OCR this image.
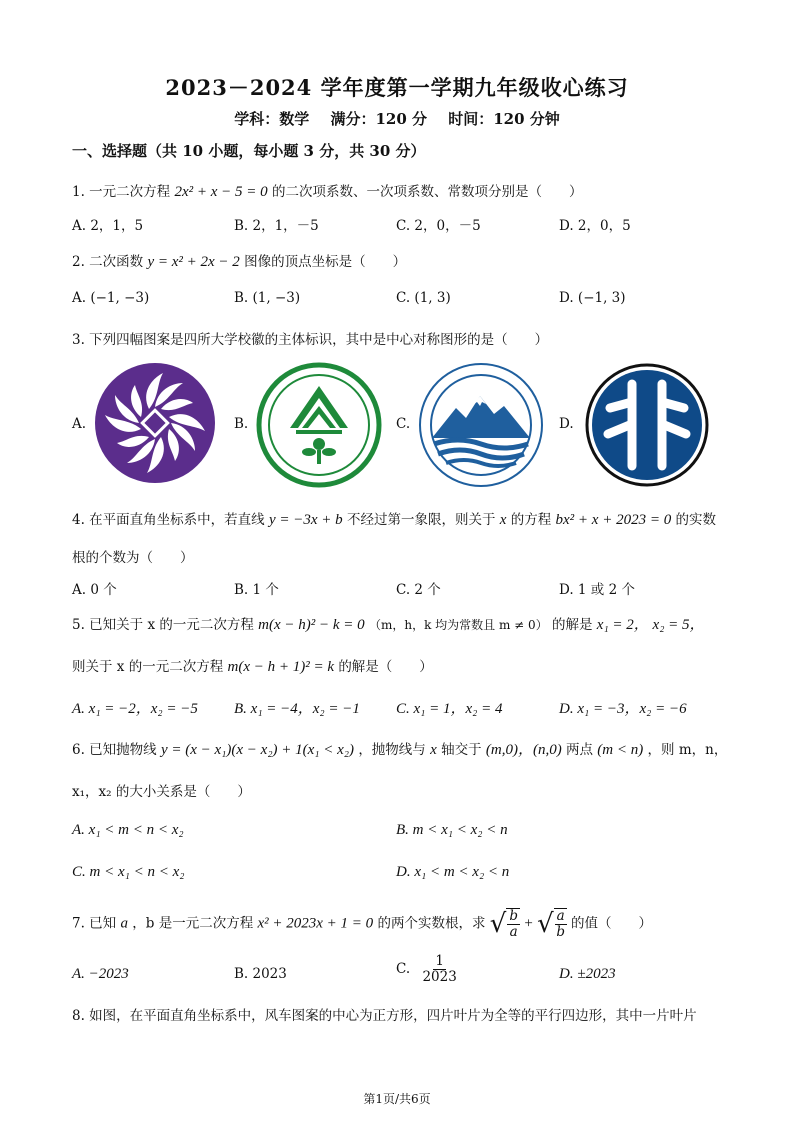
2023－2024 学年度第一学期九年级收心练习
学科：数学 满分：120 分 时间：120 分钟
一、选择题（共 10 小题，每小题 3 分，共 30 分）
1. 一元二次方程 2x² + x − 5 = 0 的二次项系数、一次项系数、常数项分别是（　　）
A. 2，1，5	B. 2，1，－5	C. 2，0，－5	D. 2，0，5
2. 二次函数 y = x² + 2x − 2 图像的顶点坐标是（　　）
A. (−1, −3)	B. (1, −3)	C. (1, 3)	D. (−1, 3)
3. 下列四幅图案是四所大学校徽的主体标识，其中是中心对称图形的是（　　）
A.	B.	C.	D.
4. 在平面直角坐标系中，若直线 y = −3x + b 不经过第一象限，则关于 x 的方程 bx² + x + 2023 = 0 的实数
根的个数为（　　）
A. 0 个	B. 1 个	C. 2 个	D. 1 或 2 个
5. 已知关于 x 的一元二次方程 m(x − h)² − k = 0 （m，h，k 均为常数且 m ≠ 0） 的解是 x₁ = 2， x₂ = 5，
则关于 x 的一元二次方程 m(x − h + 1)² = k 的解是（　　）
A. x₁ = −2，x₂ = −5 B. x₁ = −4，x₂ = −1 C. x₁ = 1，x₂ = 4	D. x₁ = −3，x₂ = −6
6. 已知抛物线 y = (x − x₁)(x − x₂) + 1(x₁ < x₂) ，抛物线与 x 轴交于 (m,0)，(n,0) 两点 (m < n) ，则 m，n，
x₁，x₂ 的大小关系是（　　）
A. x₁ < m < n < x₂	B. m < x₁ < x₂ < n
C. m < x₁ < n < x₂	D. x₁ < m < x₂ < n
7. 已知 a ，b 是一元二次方程 x² + 2023x + 1 = 0 的两个实数根，求 √ $\frac{b}{a}$ + √ $\frac{a}{b}$ 的值（　　）
A. −2023	B. 2023	C. $\frac{1}{2023}$	D. ±2023
8. 如图，在平面直角坐标系中，风车图案的中心为正方形，四片叶片为全等的平行四边形，其中一片叶片
第1页/共6页
